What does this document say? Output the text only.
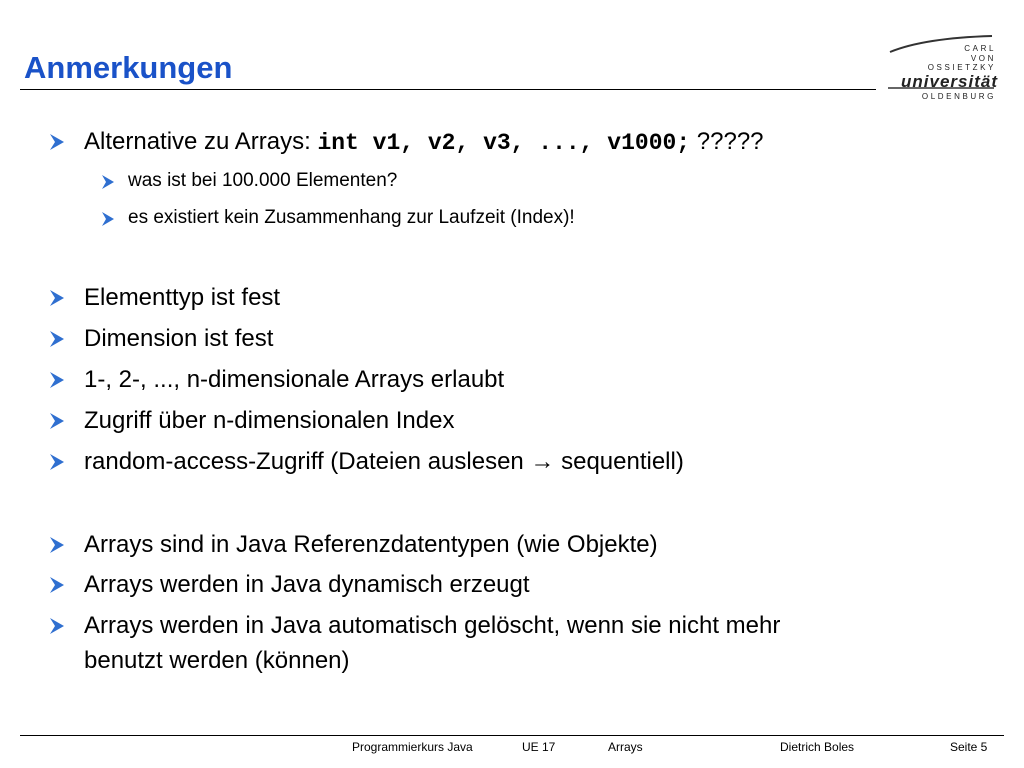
Anmerkungen
CARL
VON
OSSIETZKY
universität
OLDENBURG
Alternative zu Arrays: int v1, v2, v3, ..., v1000; ?????
was ist bei 100.000 Elementen?
es existiert kein Zusammenhang zur Laufzeit (Index)!
Elementtyp ist fest
Dimension ist fest
1-, 2-, ..., n-dimensionale Arrays erlaubt
Zugriff über n-dimensionalen Index
random-access-Zugriff (Dateien auslesen → sequentiell)
Arrays sind in Java Referenzdatentypen (wie Objekte)
Arrays werden in Java dynamisch erzeugt
Arrays werden in Java automatisch gelöscht, wenn sie nicht mehr
benutzt werden (können)
Programmierkurs Java	UE 17	Arrays	Dietrich Boles	Seite 5
